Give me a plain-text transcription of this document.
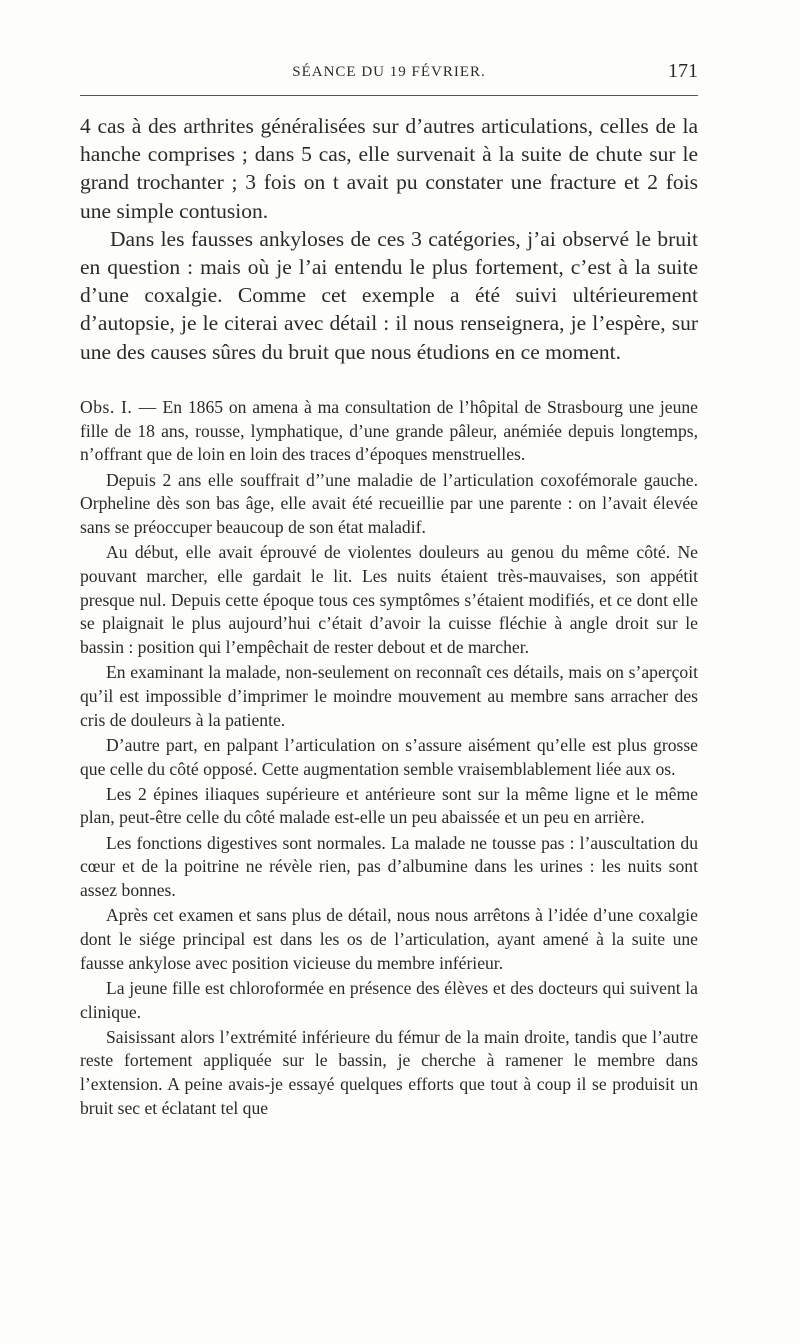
SÉANCE DU 19 FÉVRIER.	171

4 cas à des arthrites généralisées sur d’autres articulations, celles de la hanche comprises ; dans 5 cas, elle survenait à la suite de chute sur le grand trochanter ; 3 fois on t avait pu constater une fracture et 2 fois une simple contusion.

Dans les fausses ankyloses de ces 3 catégories, j’ai observé le bruit en question : mais où je l’ai entendu le plus fortement, c’est à la suite d’une coxalgie. Comme cet exemple a été suivi ultérieurement d’autopsie, je le citerai avec détail : il nous renseignera, je l’espère, sur une des causes sûres du bruit que nous étudions en ce moment.

Obs. I. — En 1865 on amena à ma consultation de l’hôpital de Strasbourg une jeune fille de 18 ans, rousse, lymphatique, d’une grande pâleur, anémiée depuis longtemps, n’offrant que de loin en loin des traces d’époques menstruelles.

Depuis 2 ans elle souffrait d’’une maladie de l’articulation coxofémorale gauche. Orpheline dès son bas âge, elle avait été recueillie par une parente : on l’avait élevée sans se préoccuper beaucoup de son état maladif.

Au début, elle avait éprouvé de violentes douleurs au genou du même côté. Ne pouvant marcher, elle gardait le lit. Les nuits étaient très-mauvaises, son appétit presque nul. Depuis cette époque tous ces symptômes s’étaient modifiés, et ce dont elle se plaignait le plus aujourd’hui c’était d’avoir la cuisse fléchie à angle droit sur le bassin : position qui l’empêchait de rester debout et de marcher.

En examinant la malade, non-seulement on reconnaît ces détails, mais on s’aperçoit qu’il est impossible d’imprimer le moindre mouvement au membre sans arracher des cris de douleurs à la patiente.

D’autre part, en palpant l’articulation on s’assure aisément qu’elle est plus grosse que celle du côté opposé. Cette augmentation semble vraisemblablement liée aux os.

Les 2 épines iliaques supérieure et antérieure sont sur la même ligne et le même plan, peut-être celle du côté malade est-elle un peu abaissée et un peu en arrière.

Les fonctions digestives sont normales. La malade ne tousse pas : l’auscultation du cœur et de la poitrine ne révèle rien, pas d’albumine dans les urines : les nuits sont assez bonnes.

Après cet examen et sans plus de détail, nous nous arrêtons à l’idée d’une coxalgie dont le siége principal est dans les os de l’articulation, ayant amené à la suite une fausse ankylose avec position vicieuse du membre inférieur.

La jeune fille est chloroformée en présence des élèves et des docteurs qui suivent la clinique.

Saisissant alors l’extrémité inférieure du fémur de la main droite, tandis que l’autre reste fortement appliquée sur le bassin, je cherche à ramener le membre dans l’extension. A peine avais-je essayé quelques efforts que tout à coup il se produisit un bruit sec et éclatant tel que
